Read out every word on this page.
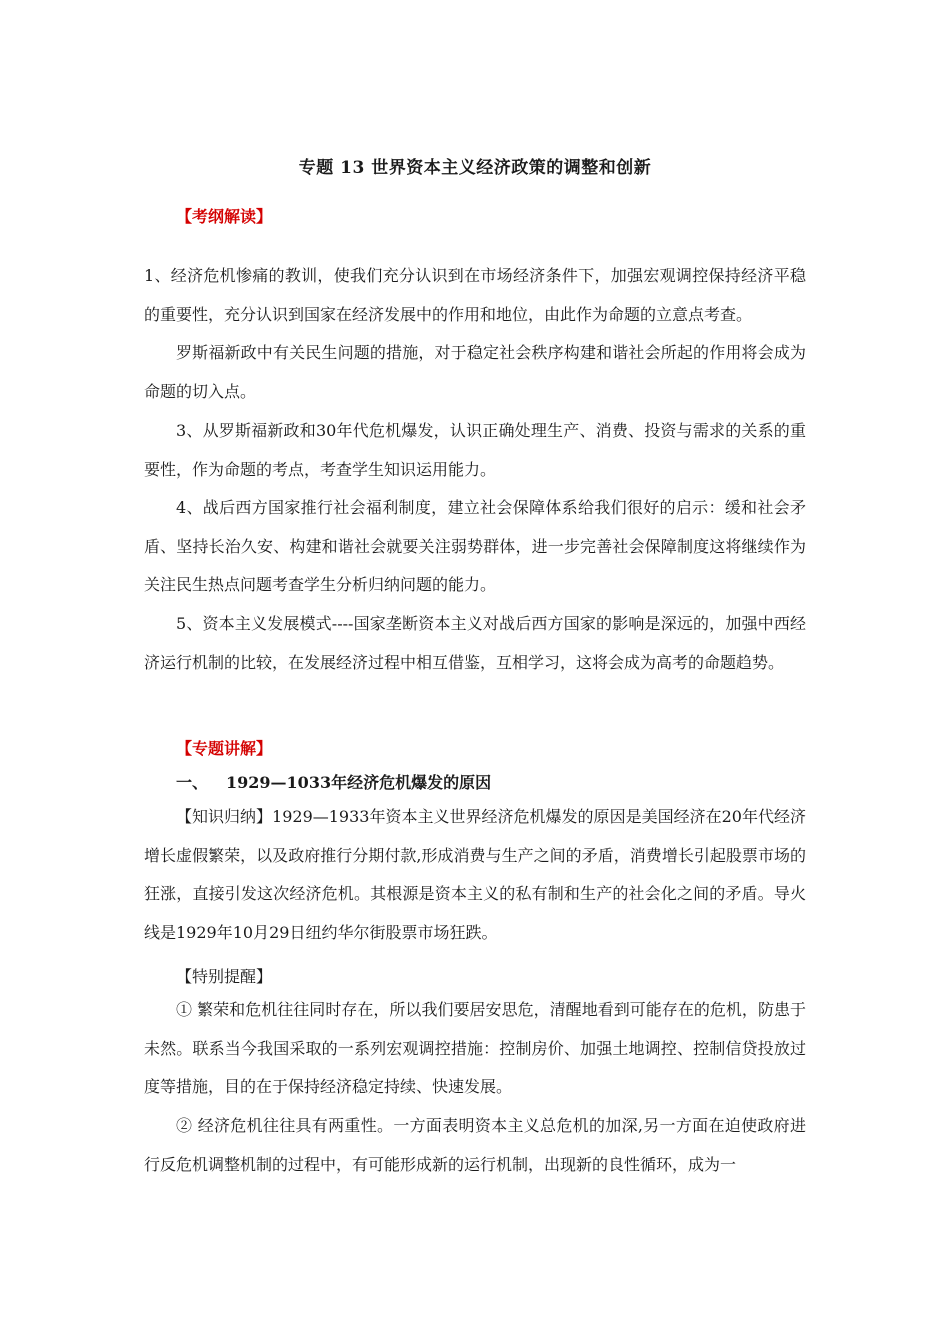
专题 13 世界资本主义经济政策的调整和创新
【考纲解读】
1、经济危机惨痛的教训，使我们充分认识到在市场经济条件下，加强宏观调控保持经济平稳的重要性，充分认识到国家在经济发展中的作用和地位，由此作为命题的立意点考查。
罗斯福新政中有关民生问题的措施，对于稳定社会秩序构建和谐社会所起的作用将会成为命题的切入点。
3、从罗斯福新政和30年代危机爆发，认识正确处理生产、消费、投资与需求的关系的重要性，作为命题的考点，考查学生知识运用能力。
4、战后西方国家推行社会福利制度，建立社会保障体系给我们很好的启示：缓和社会矛盾、坚持长治久安、构建和谐社会就要关注弱势群体，进一步完善社会保障制度这将继续作为关注民生热点问题考查学生分析归纳问题的能力。
5、资本主义发展模式----国家垄断资本主义对战后西方国家的影响是深远的，加强中西经济运行机制的比较，在发展经济过程中相互借鉴，互相学习，这将会成为高考的命题趋势。
【专题讲解】
一、 1929—1033年经济危机爆发的原因
【知识归纳】1929—1933年资本主义世界经济危机爆发的原因是美国经济在20年代经济增长虚假繁荣，以及政府推行分期付款,形成消费与生产之间的矛盾，消费增长引起股票市场的狂涨，直接引发这次经济危机。其根源是资本主义的私有制和生产的社会化之间的矛盾。导火线是1929年10月29日纽约华尔街股票市场狂跌。
【特别提醒】
① 繁荣和危机往往同时存在，所以我们要居安思危，清醒地看到可能存在的危机，防患于未然。联系当今我国采取的一系列宏观调控措施：控制房价、加强土地调控、控制信贷投放过度等措施，目的在于保持经济稳定持续、快速发展。
② 经济危机往往具有两重性。一方面表明资本主义总危机的加深,另一方面在迫使政府进行反危机调整机制的过程中，有可能形成新的运行机制，出现新的良性循环，成为一
